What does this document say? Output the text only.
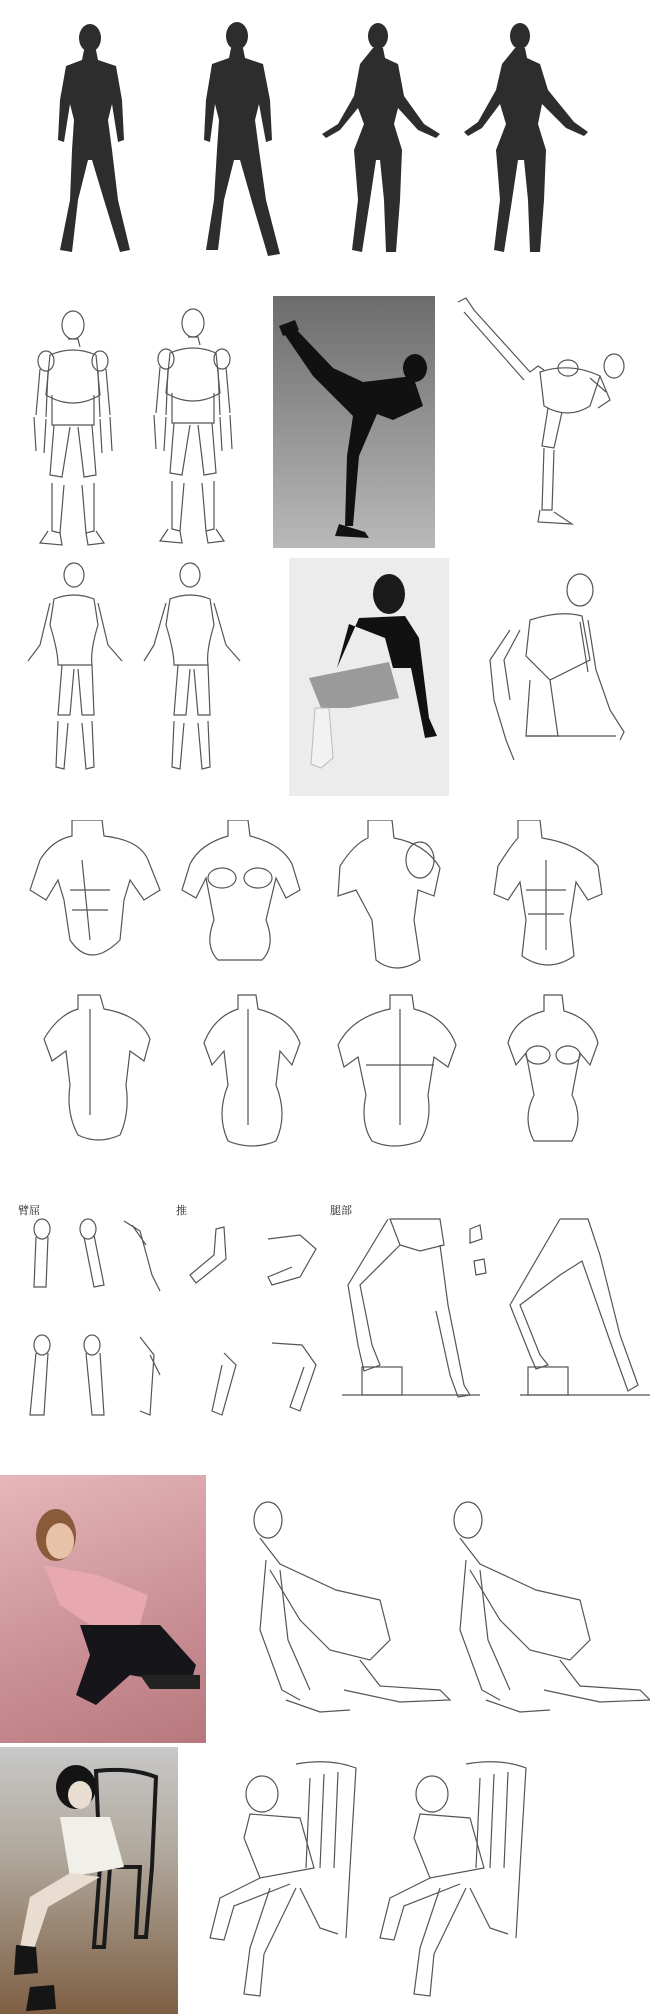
臂屈	推	腿部
